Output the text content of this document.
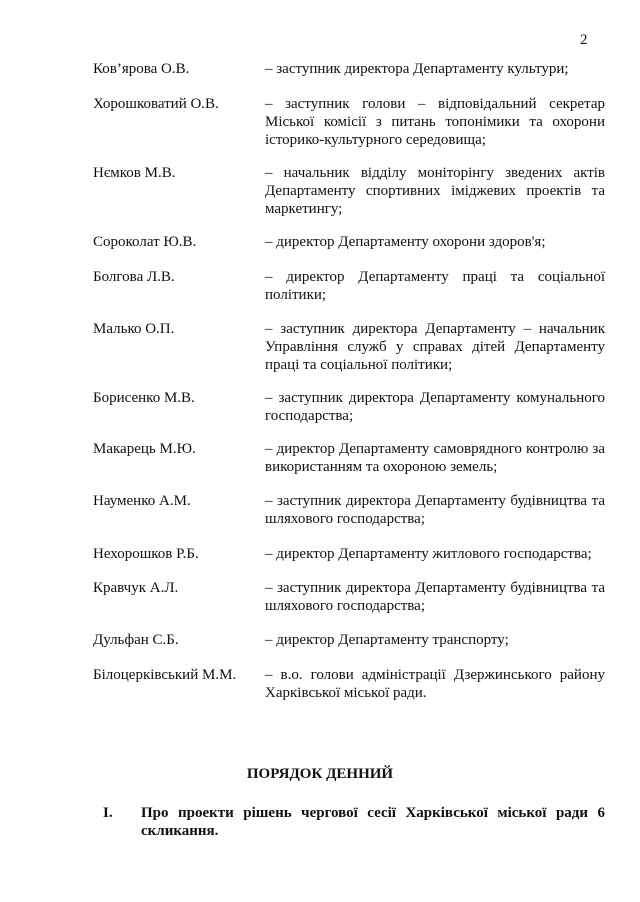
2
Ков’ярова О.В.	– заступник директора Департаменту культури;
Хорошковатий О.В.	– заступник голови – відповідальний секретар Міської комісії з питань топонімики та охорони історико-культурного середовища;
Нємков М.В.	– начальник відділу моніторінгу зведених актів Департаменту спортивних іміджевих проектів та маркетингу;
Сороколат Ю.В.	– директор Департаменту охорони здоров'я;
Болгова Л.В.	– директор Департаменту праці та соціальної політики;
Малько О.П.	– заступник директора Департаменту – начальник Управління служб у справах дітей Департаменту праці та соціальної політики;
Борисенко М.В.	– заступник директора Департаменту комунального господарства;
Макарець М.Ю.	– директор Департаменту самоврядного контролю за використанням та охороною земель;
Науменко А.М.	– заступник директора Департаменту будівництва та шляхового господарства;
Нехорошков Р.Б.	– директор Департаменту житлового господарства;
Кравчук А.Л.	– заступник директора Департаменту будівництва та шляхового господарства;
Дульфан С.Б.	– директор Департаменту транспорту;
Білоцерківський М.М.	– в.о. голови адміністрації Дзержинського району Харківської міської ради.
ПОРЯДОК ДЕННИЙ
I. Про проекти рішень чергової сесії Харківської міської ради 6 скликання.
